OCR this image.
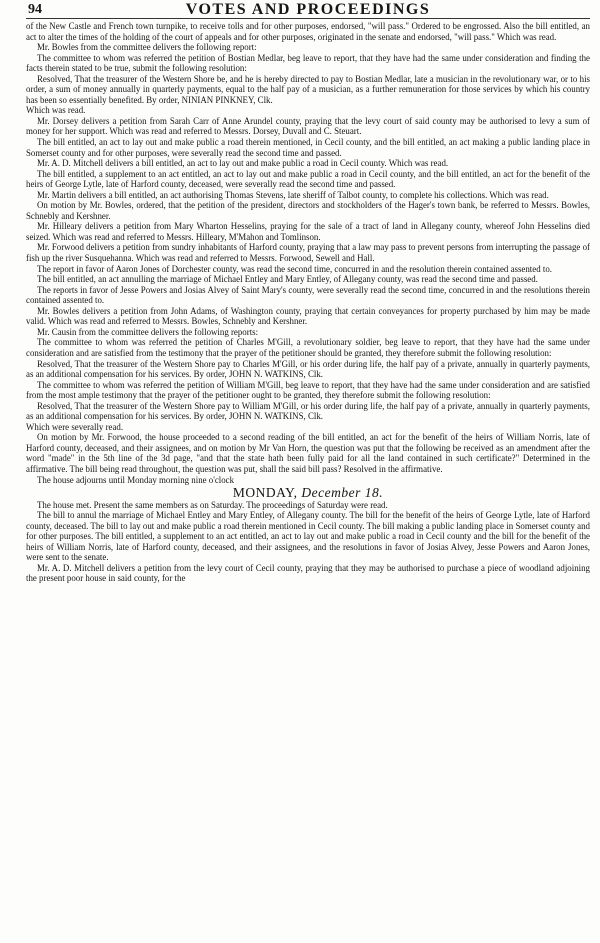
94	VOTES AND PROCEEDINGS

of the New Castle and French town turnpike, to receive tolls and for other purposes, endorsed, "will pass." Ordered to be engrossed. Also the bill entitled, an act to alter the times of the holding of the court of appeals and for other purposes, originated in the senate and endorsed, "will pass." Which was read.

Mr. Bowles from the committee delivers the following report:

The committee to whom was referred the petition of Bostian Medlar, beg leave to report, that they have had the same under consideration and finding the facts therein stated to be true, submit the following resolution:

Resolved, That the treasurer of the Western Shore be, and he is hereby directed to pay to Bostian Medlar, late a musician in the revolutionary war, or to his order, a sum of money annually in quarterly payments, equal to the half pay of a musician, as a further remuneration for those services by which his country has been so essentially benefited. By order, NINIAN PINKNEY, Clk.

Which was read.

Mr. Dorsey delivers a petition from Sarah Carr of Anne Arundel county, praying that the levy court of said county may be authorised to levy a sum of money for her support. Which was read and referred to Messrs. Dorsey, Duvall and C. Steuart.

The bill entitled, an act to lay out and make public a road therein mentioned, in Cecil county, and the bill entitled, an act making a public landing place in Somerset county and for other purposes, were severally read the second time and passed.

Mr. A. D. Mitchell delivers a bill entitled, an act to lay out and make public a road in Cecil county. Which was read.

The bill entitled, a supplement to an act entitled, an act to lay out and make public a road in Cecil county, and the bill entitled, an act for the benefit of the heirs of George Lytle, late of Harford county, deceased, were severally read the second time and passed.

Mr. Martin delivers a bill entitled, an act authorising Thomas Stevens, late sheriff of Talbot county, to complete his collections. Which was read.

On motion by Mr. Bowles, ordered, that the petition of the president, directors and stockholders of the Hager's town bank, be referred to Messrs. Bowles, Schnebly and Kershner.

Mr. Hilleary delivers a petition from Mary Wharton Hesselins, praying for the sale of a tract of land in Allegany county, whereof John Hesselins died seized. Which was read and referred to Messrs. Hilleary, M'Mahon and Tomlinson.

Mr. Forwood delivers a petition from sundry inhabitants of Harford county, praying that a law may pass to prevent persons from interrupting the passage of fish up the river Susquehanna. Which was read and referred to Messrs. Forwood, Sewell and Hall.

The report in favor of Aaron Jones of Dorchester county, was read the second time, concurred in and the resolution therein contained assented to.

The bill entitled, an act annulling the marriage of Michael Entley and Mary Entley, of Allegany county, was read the second time and passed.

The reports in favor of Jesse Powers and Josias Alvey of Saint Mary's county, were severally read the second time, concurred in and the resolutions therein contained assented to.

Mr. Bowles delivers a petition from John Adams, of Washington county, praying that certain conveyances for property purchased by him may be made valid. Which was read and referred to Messrs. Bowles, Schnebly and Kershner.

Mr. Causin from the committee delivers the following reports:

The committee to whom was referred the petition of Charles M'Gill, a revolutionary soldier, beg leave to report, that they have had the same under consideration and are satisfied from the testimony that the prayer of the petitioner should be granted, they therefore submit the following resolution:

Resolved, That the treasurer of the Western Shore pay to Charles M'Gill, or his order during life, the half pay of a private, annually in quarterly payments, as an additional compensation for his services. By order, JOHN N. WATKINS, Clk.

The committee to whom was referred the petition of William M'Gill, beg leave to report, that they have had the same under consideration and are satisfied from the most ample testimony that the prayer of the petitioner ought to be granted, they therefore submit the following resolution:

Resolved, That the treasurer of the Western Shore pay to William M'Gill, or his order during life, the half pay of a private, annually in quarterly payments, as an additional compensation for his services. By order, JOHN N. WATKINS, Clk.

Which were severally read.

On motion by Mr. Forwood, the house proceeded to a second reading of the bill entitled, an act for the benefit of the heirs of William Norris, late of Harford county, deceased, and their assignees, and on motion by Mr Van Horn, the question was put that the following be received as an amendment after the word "made" in the 5th line of the 3d page, "and that the state hath been fully paid for all the land contained in such certificate?" Determined in the affirmative. The bill being read throughout, the question was put, shall the said bill pass? Resolved in the affirmative.

The house adjourns until Monday morning nine o'clock

MONDAY, December 18.

The house met. Present the same members as on Saturday. The proceedings of Saturday were read.

The bill to annul the marriage of Michael Entley and Mary Entley, of Allegany county. The bill for the benefit of the heirs of George Lytle, late of Harford county, deceased. The bill to lay out and make public a road therein mentioned in Cecil county. The bill making a public landing place in Somerset county and for other purposes. The bill entitled, a supplement to an act entitled, an act to lay out and make public a road in Cecil county and the bill for the benefit of the heirs of William Norris, late of Harford county, deceased, and their assignees, and the resolutions in favor of Josias Alvey, Jesse Powers and Aaron Jones, were sent to the senate.

Mr. A. D. Mitchell delivers a petition from the levy court of Cecil county, praying that they may be authorised to purchase a piece of woodland adjoining the present poor house in said county, for the
